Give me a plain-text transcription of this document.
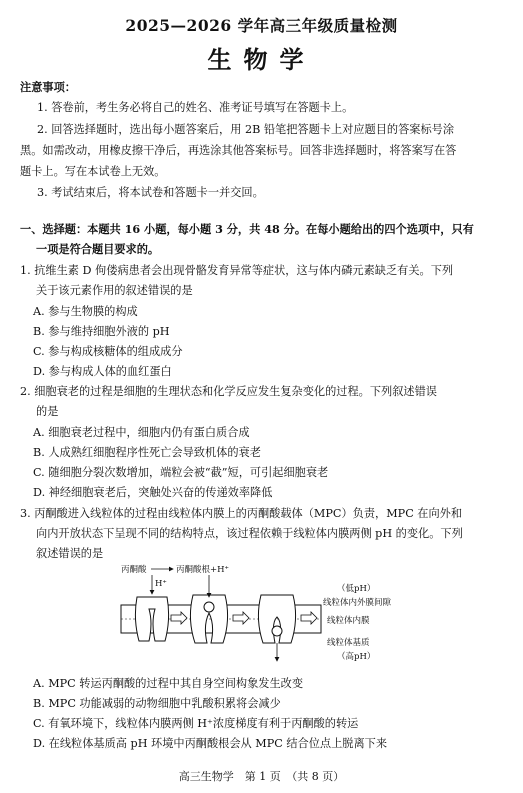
2025—2026 学年高三年级质量检测
生物学
注意事项：
1. 答卷前，考生务必将自己的姓名、准考证号填写在答题卡上。
2. 回答选择题时，选出每小题答案后，用 2B 铅笔把答题卡上对应题目的答案标号涂
黑。如需改动，用橡皮擦干净后，再选涂其他答案标号。回答非选择题时，将答案写在答
题卡上。写在本试卷上无效。
3. 考试结束后，将本试卷和答题卡一并交回。
一、选择题：本题共 16 小题，每小题 3 分，共 48 分。在每小题给出的四个选项中，只有
一项是符合题目要求的。
1. 抗维生素 D 佝偻病患者会出现骨骼发育异常等症状，这与体内磷元素缺乏有关。下列
关于该元素作用的叙述错误的是
A. 参与生物膜的构成
B. 参与维持细胞外液的 pH
C. 参与构成核糖体的组成成分
D. 参与构成人体的血红蛋白
2. 细胞衰老的过程是细胞的生理状态和化学反应发生复杂变化的过程。下列叙述错误
的是
A. 细胞衰老过程中，细胞内仍有蛋白质合成
B. 人成熟红细胞程序性死亡会导致机体的衰老
C. 随细胞分裂次数增加，端粒会被“截”短，可引起细胞衰老
D. 神经细胞衰老后，突触处兴奋的传递效率降低
3. 丙酮酸进入线粒体的过程由线粒体内膜上的丙酮酸载体（MPC）负责，MPC 在向外和
向内开放状态下呈现不同的结构特点，该过程依赖于线粒体内膜两侧 pH 的变化。下列
叙述错误的是
丙酮酸	丙酮酸根+H⁺
H⁺	（低pH）
线粒体内外膜间隙
线粒体内膜
线粒体基质
（高pH）
A. MPC 转运丙酮酸的过程中其自身空间构象发生改变
B. MPC 功能减弱的动物细胞中乳酸积累将会减少
C. 有氧环境下，线粒体内膜两侧 H⁺浓度梯度有利于丙酮酸的转运
D. 在线粒体基质高 pH 环境中丙酮酸根会从 MPC 结合位点上脱离下来
高三生物学　第 1 页　（共 8 页）
